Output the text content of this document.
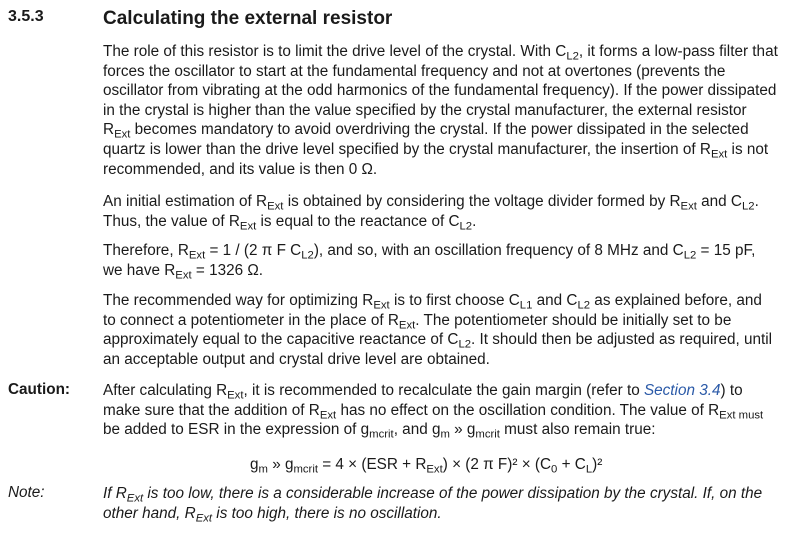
3.5.3	Calculating the external resistor
The role of this resistor is to limit the drive level of the crystal. With $C_{L2}$, it forms a low-pass filter that forces the oscillator to start at the fundamental frequency and not at overtones (prevents the oscillator from vibrating at the odd harmonics of the fundamental frequency). If the power dissipated in the crystal is higher than the value specified by the crystal manufacturer, the external resistor $R_{Ext}$ becomes mandatory to avoid overdriving the crystal. If the power dissipated in the selected quartz is lower than the drive level specified by the crystal manufacturer, the insertion of $R_{Ext}$ is not recommended, and its value is then 0 Ω.
An initial estimation of $R_{Ext}$ is obtained by considering the voltage divider formed by $R_{Ext}$ and $C_{L2}$. Thus, the value of $R_{Ext}$ is equal to the reactance of $C_{L2}$.
Therefore, $R_{Ext} = 1 / (2$ π F $C_{L2}$), and so, with an oscillation frequency of 8 MHz and $C_{L2} = 15$ pF, we have $R_{Ext} = 1326$ Ω.
The recommended way for optimizing $R_{Ext}$ is to first choose $C_{L1}$ and $C_{L2}$ as explained before, and to connect a potentiometer in the place of $R_{Ext}$. The potentiometer should be initially set to be approximately equal to the capacitive reactance of $C_{L2}$. It should then be adjusted as required, until an acceptable output and crystal drive level are obtained.
Caution: After calculating $R_{Ext}$, it is recommended to recalculate the gain margin (refer to Section 3.4) to make sure that the addition of $R_{Ext}$ has no effect on the oscillation condition. The value of $R_{Ext must}$ be added to ESR in the expression of $g_{mcrit}$, and $g_m$ » $g_{mcrit}$ must also remain true:
$g_m$ » $g_{mcrit} = 4 \times (ESR + R_{Ext}) \times (2$ π $F)^2 \times (C_0 + C_L)^2$
Note:	If $R_{Ext}$ is too low, there is a considerable increase of the power dissipation by the crystal. If, on the other hand, $R_{Ext}$ is too high, there is no oscillation.
